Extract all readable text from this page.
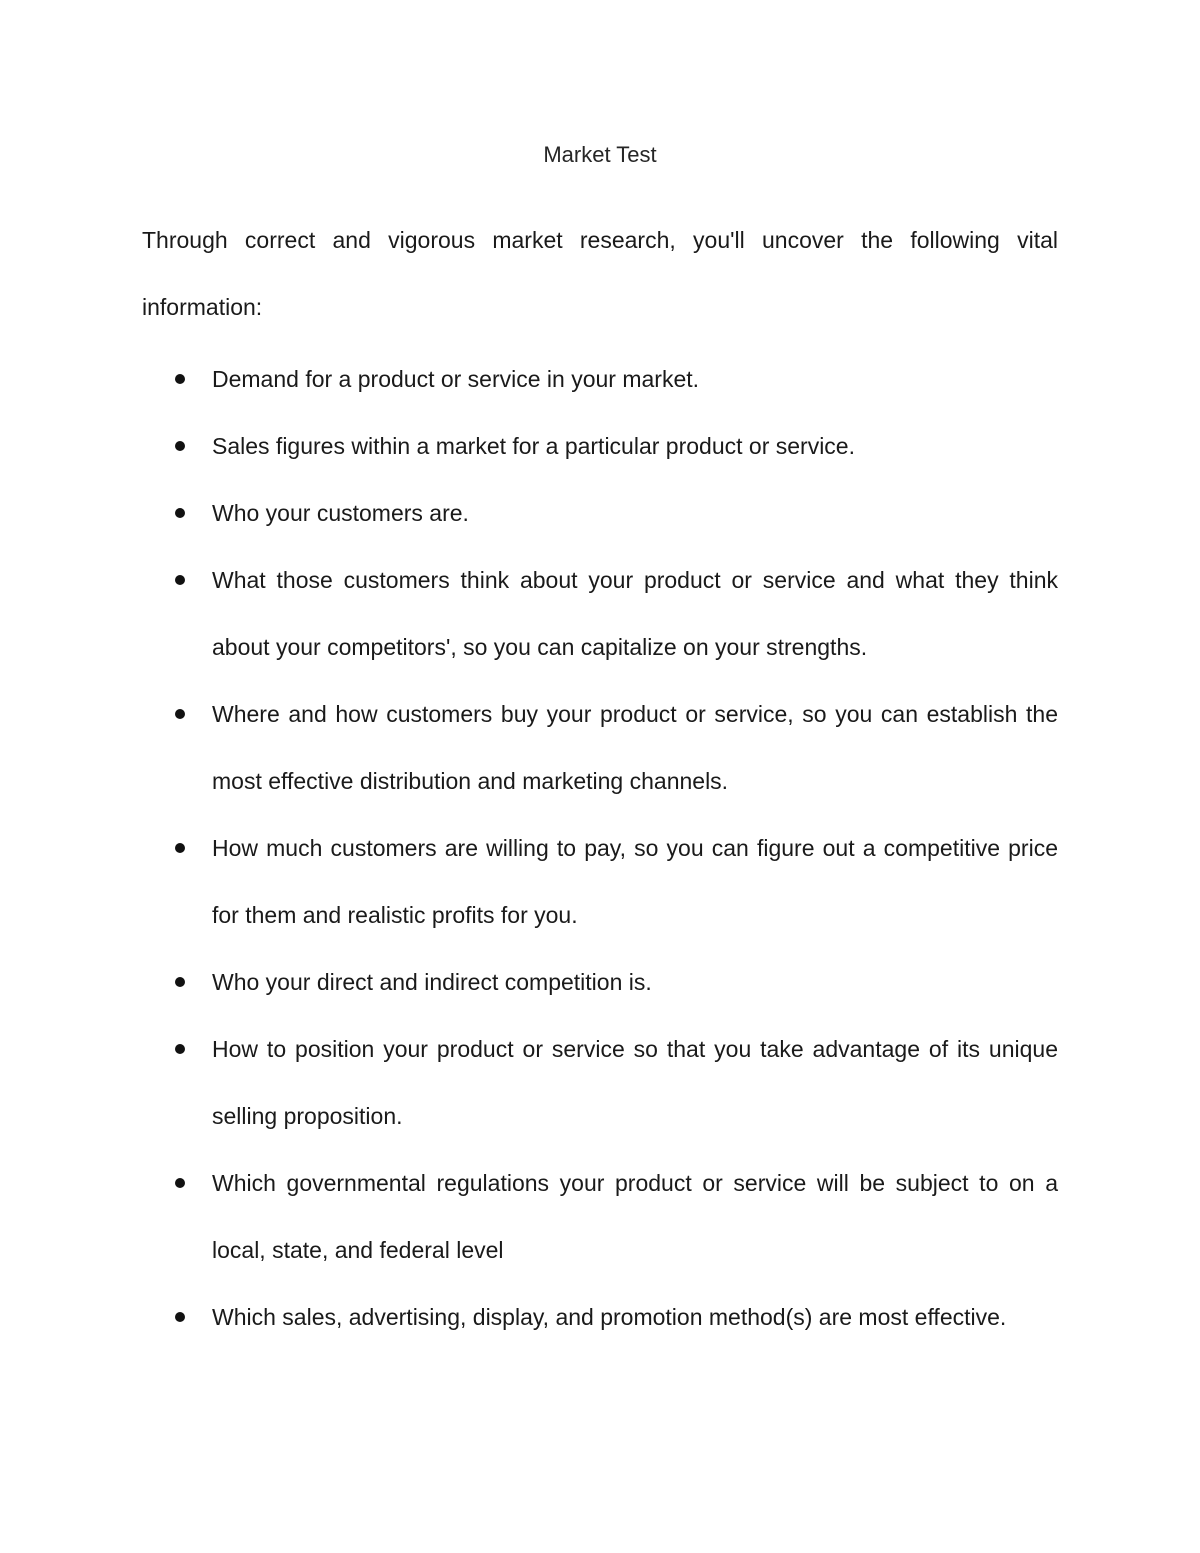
Market Test

Through correct and vigorous market research, you'll uncover the following vital information:

Demand for a product or service in your market.
Sales figures within a market for a particular product or service.
Who your customers are.
What those customers think about your product or service and what they think about your competitors', so you can capitalize on your strengths.
Where and how customers buy your product or service, so you can establish the most effective distribution and marketing channels.
How much customers are willing to pay, so you can figure out a competitive price for them and realistic profits for you.
Who your direct and indirect competition is.
How to position your product or service so that you take advantage of its unique selling proposition.
Which governmental regulations your product or service will be subject to on a local, state, and federal level
Which sales, advertising, display, and promotion method(s) are most effective.
